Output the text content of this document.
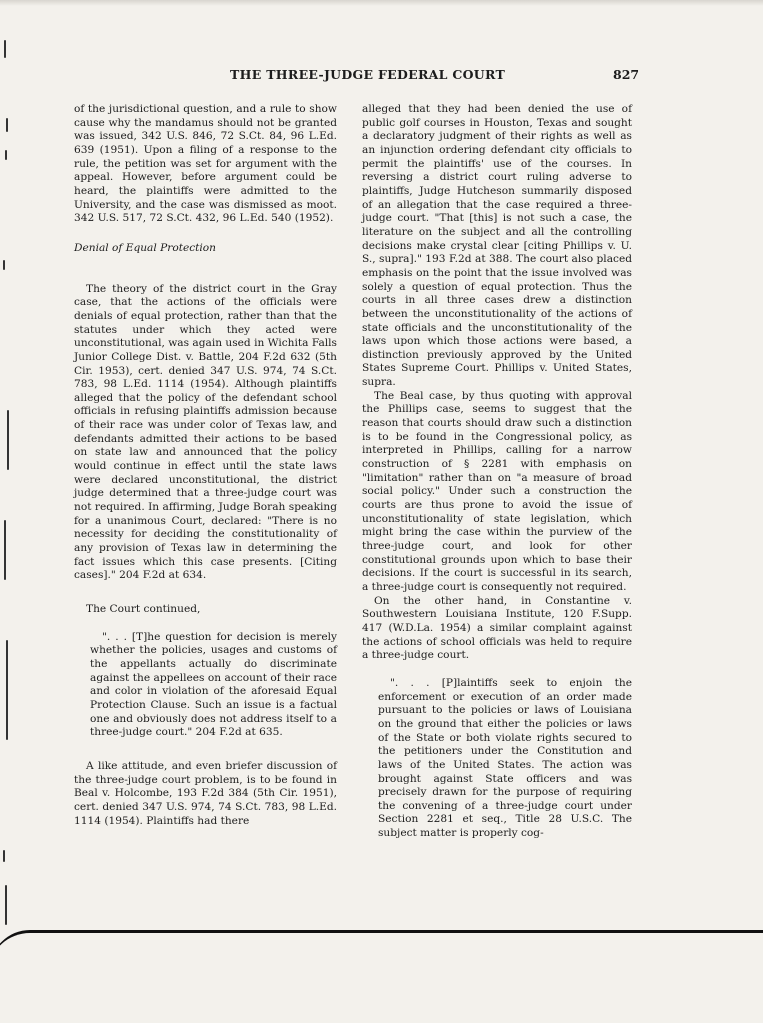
THE THREE-JUDGE FEDERAL COURT	827

of the jurisdictional question, and a rule to show cause why the mandamus should not be granted was issued, 342 U.S. 846, 72 S.Ct. 84, 96 L.Ed. 639 (1951). Upon a filing of a response to the rule, the petition was set for argument with the appeal. However, before argument could be heard, the plaintiffs were admitted to the University, and the case was dismissed as moot. 342 U.S. 517, 72 S.Ct. 432, 96 L.Ed. 540 (1952).

Denial of Equal Protection

The theory of the district court in the Gray case, that the actions of the officials were denials of equal protection, rather than that the statutes under which they acted were unconstitutional, was again used in Wichita Falls Junior College Dist. v. Battle, 204 F.2d 632 (5th Cir. 1953), cert. denied 347 U.S. 974, 74 S.Ct. 783, 98 L.Ed. 1114 (1954). Although plaintiffs alleged that the policy of the defendant school officials in refusing plaintiffs admission because of their race was under color of Texas law, and defendants admitted their actions to be based on state law and announced that the policy would continue in effect until the state laws were declared unconstitutional, the district judge determined that a three-judge court was not required. In affirming, Judge Borah speaking for a unanimous Court, declared: "There is no necessity for deciding the constitutionality of any provision of Texas law in determining the fact issues which this case presents. [Citing cases]." 204 F.2d at 634.

The Court continued,

". . . [T]he question for decision is merely whether the policies, usages and customs of the appellants actually do discriminate against the appellees on account of their race and color in violation of the aforesaid Equal Protection Clause. Such an issue is a factual one and obviously does not address itself to a three-judge court." 204 F.2d at 635.

A like attitude, and even briefer discussion of the three-judge court problem, is to be found in Beal v. Holcombe, 193 F.2d 384 (5th Cir. 1951), cert. denied 347 U.S. 974, 74 S.Ct. 783, 98 L.Ed. 1114 (1954). Plaintiffs had there

alleged that they had been denied the use of public golf courses in Houston, Texas and sought a declaratory judgment of their rights as well as an injunction ordering defendant city officials to permit the plaintiffs' use of the courses. In reversing a district court ruling adverse to plaintiffs, Judge Hutcheson summarily disposed of an allegation that the case required a three-judge court. "That [this] is not such a case, the literature on the subject and all the controlling decisions make crystal clear [citing Phillips v. U. S., supra]." 193 F.2d at 388. The court also placed emphasis on the point that the issue involved was solely a question of equal protection. Thus the courts in all three cases drew a distinction between the unconstitutionality of the actions of state officials and the unconstitutionality of the laws upon which those actions were based, a distinction previously approved by the United States Supreme Court. Phillips v. United States, supra.

The Beal case, by thus quoting with approval the Phillips case, seems to suggest that the reason that courts should draw such a distinction is to be found in the Congressional policy, as interpreted in Phillips, calling for a narrow construction of § 2281 with emphasis on "limitation" rather than on "a measure of broad social policy." Under such a construction the courts are thus prone to avoid the issue of unconstitutionality of state legislation, which might bring the case within the purview of the three-judge court, and look for other constitutional grounds upon which to base their decisions. If the court is successful in its search, a three-judge court is consequently not required.

On the other hand, in Constantine v. Southwestern Louisiana Institute, 120 F.Supp. 417 (W.D.La. 1954) a similar complaint against the actions of school officials was held to require a three-judge court.

". . . [P]laintiffs seek to enjoin the enforcement or execution of an order made pursuant to the policies or laws of Louisiana on the ground that either the policies or laws of the State or both violate rights secured to the petitioners under the Constitution and laws of the United States. The action was brought against State officers and was precisely drawn for the purpose of requiring the convening of a three-judge court under Section 2281 et seq., Title 28 U.S.C. The subject matter is properly cog-
